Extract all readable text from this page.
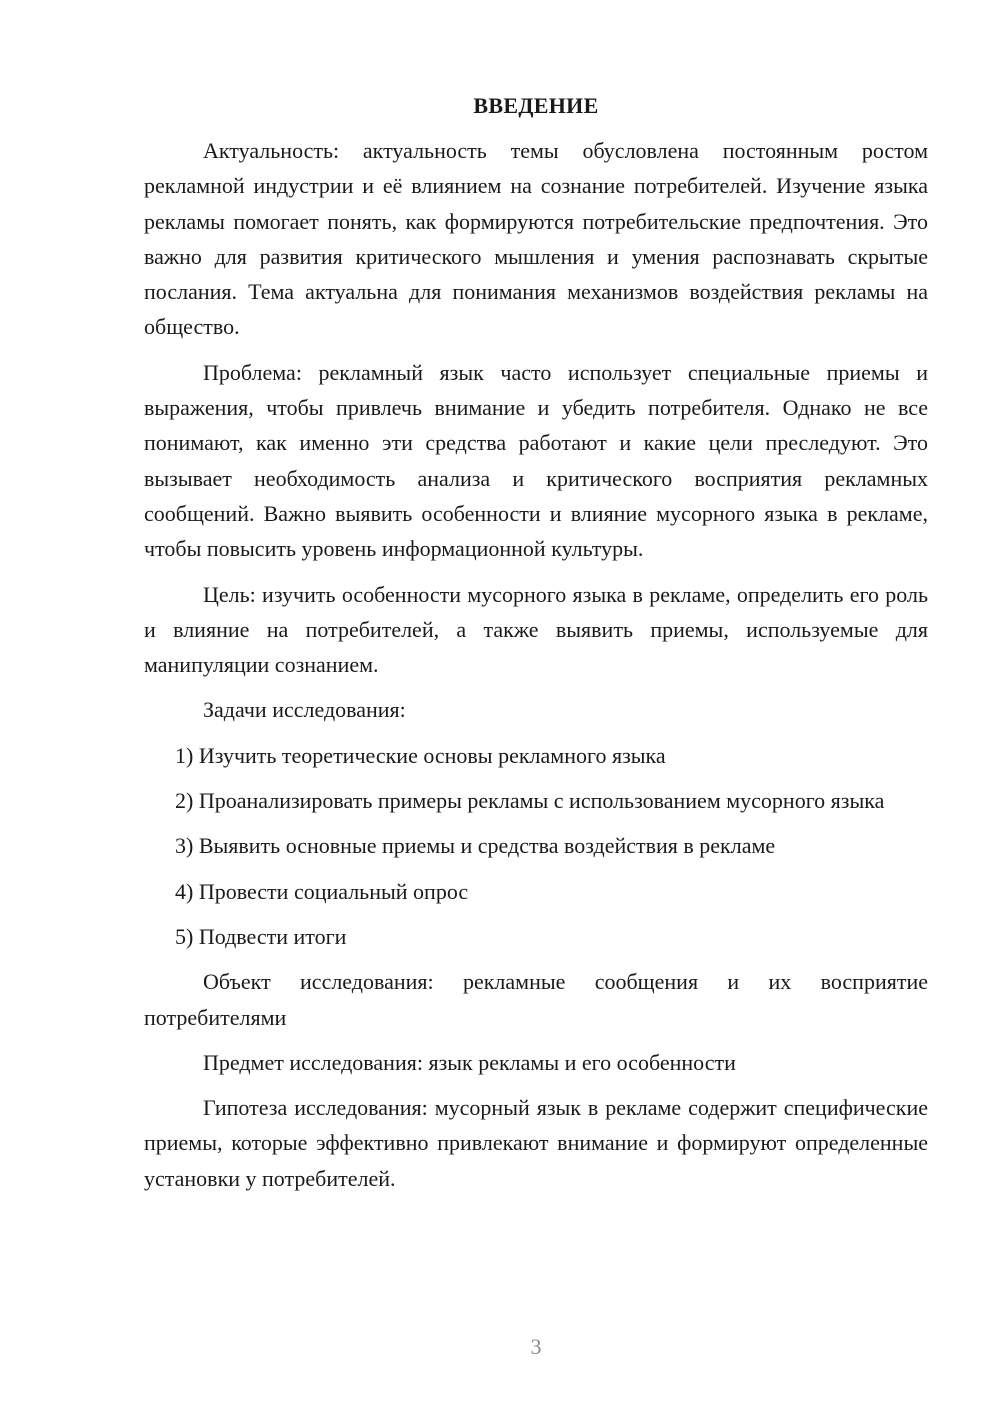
ВВЕДЕНИЕ

Актуальность: актуальность темы обусловлена постоянным ростом рекламной индустрии и её влиянием на сознание потребителей. Изучение языка рекламы помогает понять, как формируются потребительские предпочтения. Это важно для развития критического мышления и умения распознавать скрытые послания. Тема актуальна для понимания механизмов воздействия рекламы на общество.

Проблема: рекламный язык часто использует специальные приемы и выражения, чтобы привлечь внимание и убедить потребителя. Однако не все понимают, как именно эти средства работают и какие цели преследуют. Это вызывает необходимость анализа и критического восприятия рекламных сообщений. Важно выявить особенности и влияние мусорного языка в рекламе, чтобы повысить уровень информационной культуры.

Цель: изучить особенности мусорного языка в рекламе, определить его роль и влияние на потребителей, а также выявить приемы, используемые для манипуляции сознанием.

Задачи исследования:

1) Изучить теоретические основы рекламного языка

2) Проанализировать примеры рекламы с использованием мусорного языка

3) Выявить основные приемы и средства воздействия в рекламе

4) Провести социальный опрос

5) Подвести итоги

Объект исследования: рекламные сообщения и их восприятие потребителями

Предмет исследования: язык рекламы и его особенности

Гипотеза исследования: мусорный язык в рекламе содержит специфические приемы, которые эффективно привлекают внимание и формируют определенные установки у потребителей.

3
